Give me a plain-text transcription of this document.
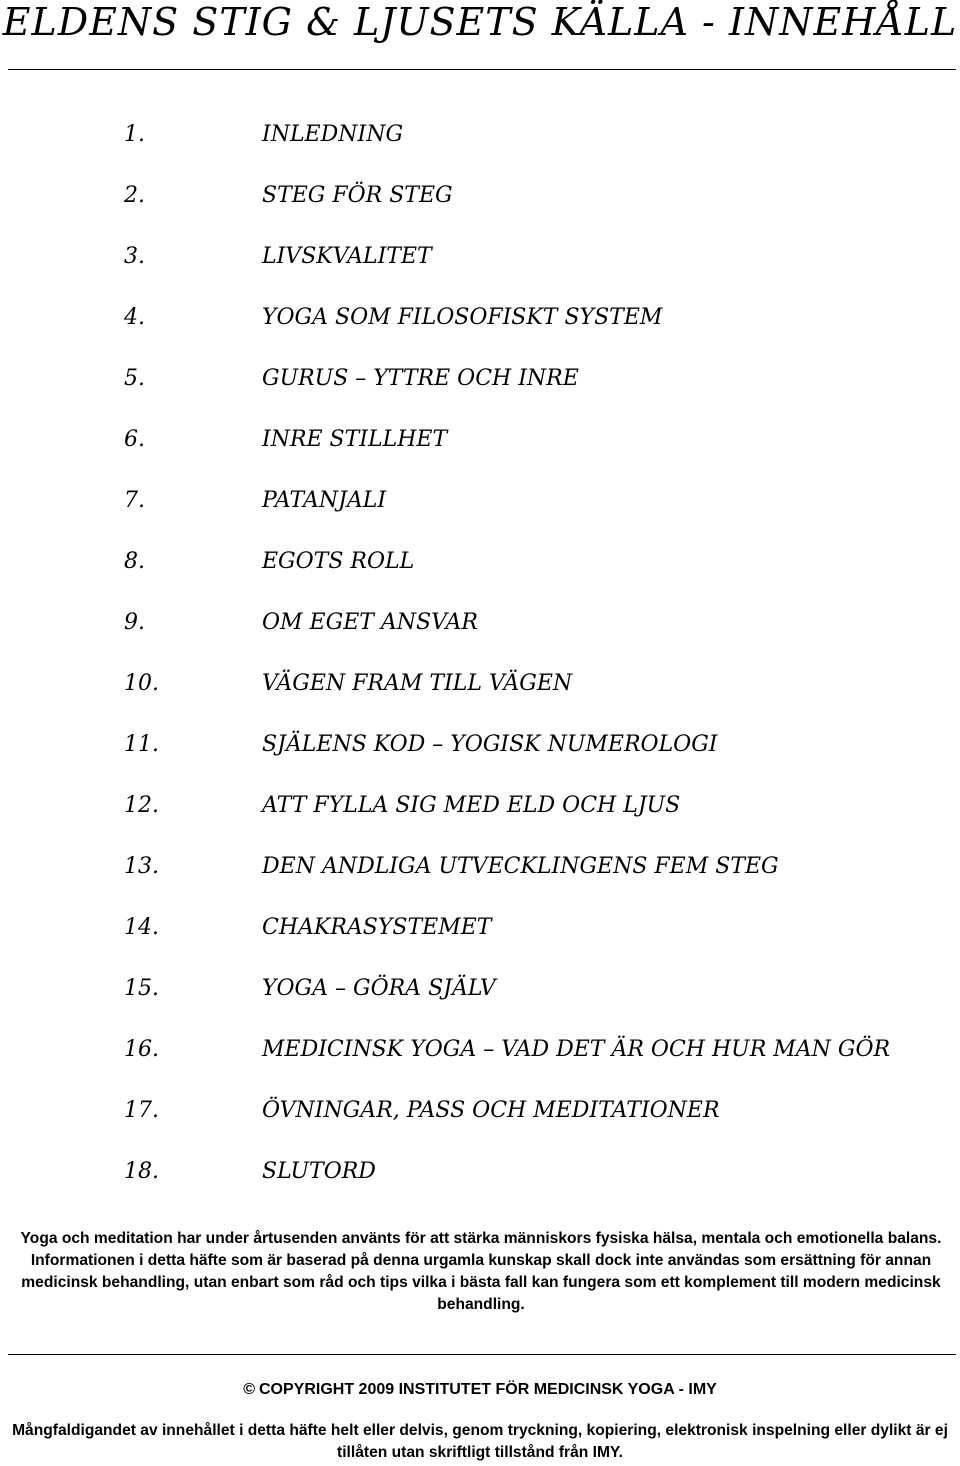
ELDENS STIG & LJUSETS KÄLLA - INNEHÅLL
1.	INLEDNING
2.	STEG FÖR STEG
3.	LIVSKVALITET
4.	YOGA SOM FILOSOFISKT SYSTEM
5.	GURUS – YTTRE OCH INRE
6.	INRE STILLHET
7.	PATANJALI
8.	EGOTS ROLL
9.	OM EGET ANSVAR
10.	VÄGEN FRAM TILL VÄGEN
11.	SJÄLENS KOD – YOGISK NUMEROLOGI
12.	ATT FYLLA SIG MED ELD OCH LJUS
13.	DEN ANDLIGA UTVECKLINGENS FEM STEG
14.	CHAKRASYSTEMET
15.	YOGA – GÖRA SJÄLV
16.	MEDICINSK YOGA – VAD DET ÄR OCH HUR MAN GÖR
17.	ÖVNINGAR, PASS OCH MEDITATIONER
18.	SLUTORD
Yoga och meditation har under årtusenden använts för att stärka människors fysiska hälsa, mentala och emotionella balans. Informationen i detta häfte som är baserad på denna urgamla kunskap skall dock inte användas som ersättning för annan medicinsk behandling, utan enbart som råd och tips vilka i bästa fall kan fungera som ett komplement till modern medicinsk behandling.
© COPYRIGHT 2009 INSTITUTET FÖR MEDICINSK YOGA - IMY
Mångfaldigandet av innehållet i detta häfte helt eller delvis, genom tryckning, kopiering, elektronisk inspelning eller dylikt är ej tillåten utan skriftligt tillstånd från IMY.
